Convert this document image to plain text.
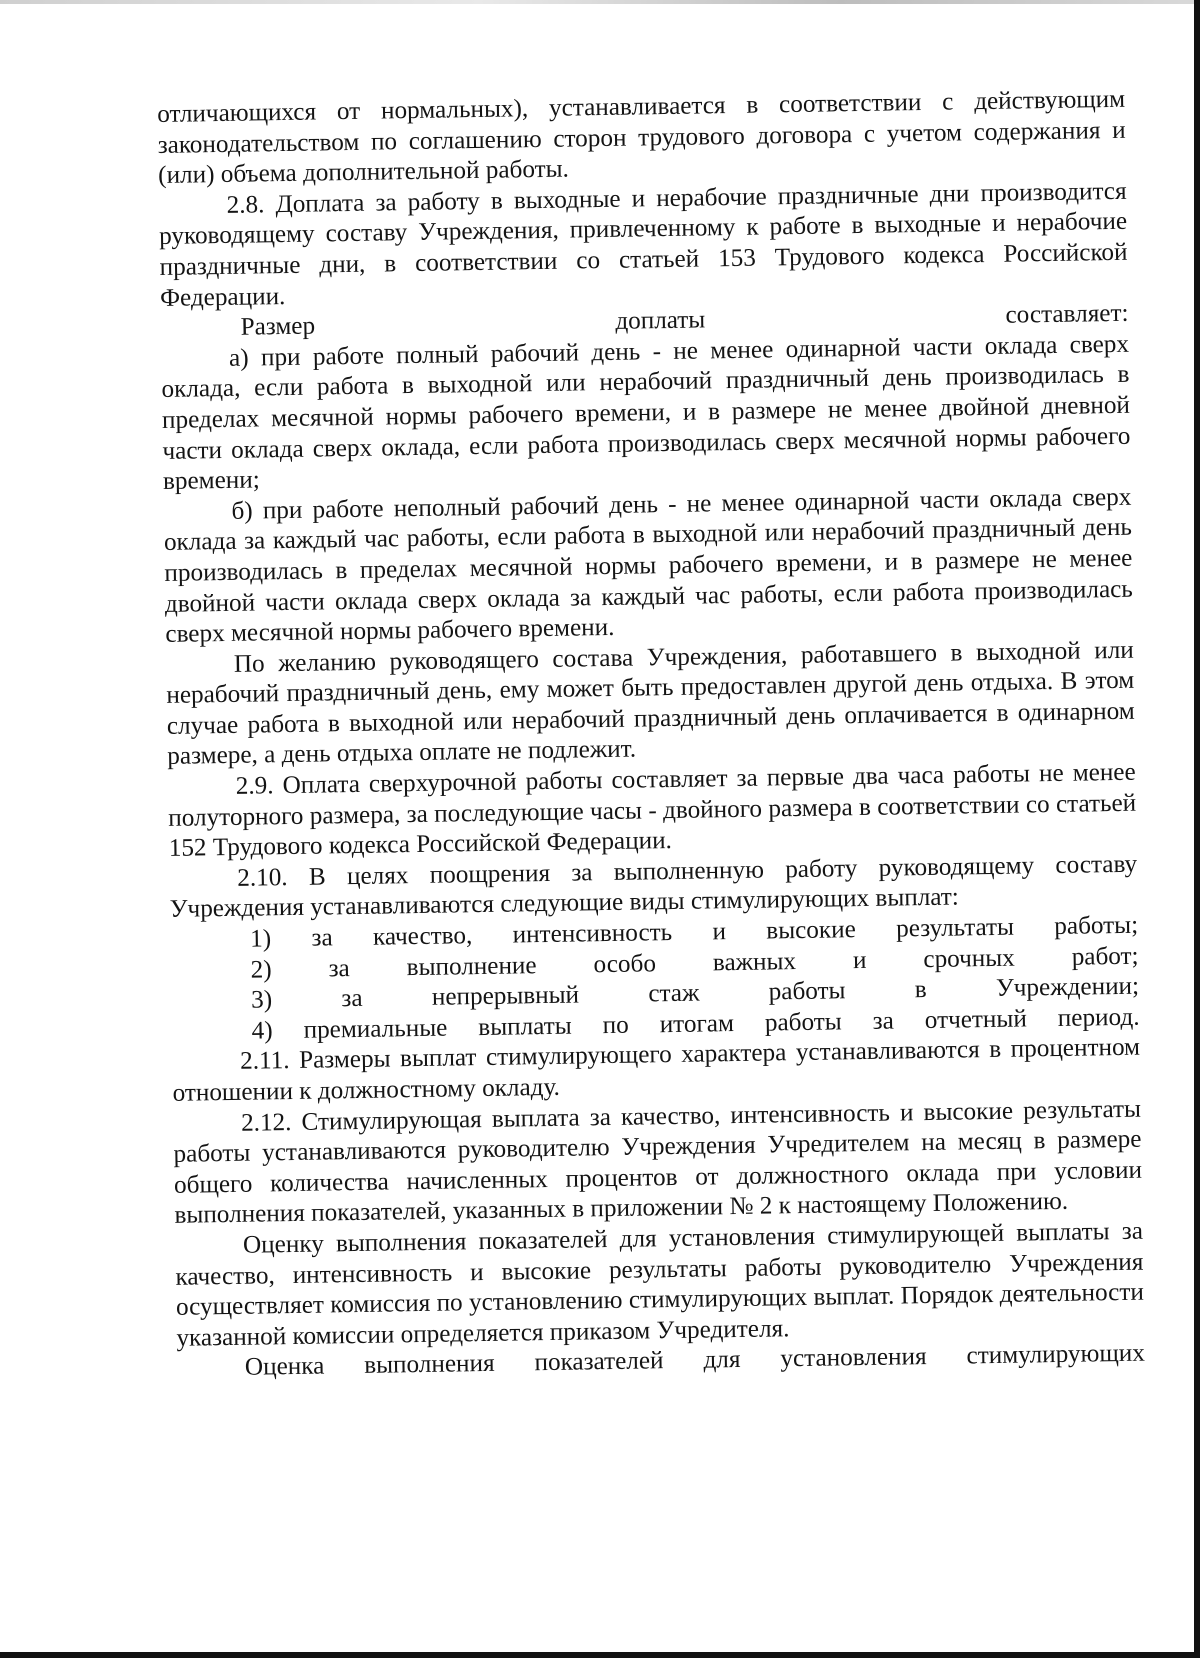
отличающихся от нормальных), устанавливается в соответствии с действующим законодательством по соглашению сторон трудового договора с учетом содержания и (или) объема дополнительной работы.

2.8. Доплата за работу в выходные и нерабочие праздничные дни производится руководящему составу Учреждения, привлеченному к работе в выходные и нерабочие праздничные дни, в соответствии со статьей 153 Трудового кодекса Российской Федерации.

Размер доплаты составляет:

а) при работе полный рабочий день - не менее одинарной части оклада сверх оклада, если работа в выходной или нерабочий праздничный день производилась в пределах месячной нормы рабочего времени, и в размере не менее двойной дневной части оклада сверх оклада, если работа производилась сверх месячной нормы рабочего времени;

б) при работе неполный рабочий день - не менее одинарной части оклада сверх оклада за каждый час работы, если работа в выходной или нерабочий праздничный день производилась в пределах месячной нормы рабочего времени, и в размере не менее двойной части оклада сверх оклада за каждый час работы, если работа производилась сверх месячной нормы рабочего времени.

По желанию руководящего состава Учреждения, работавшего в выходной или нерабочий праздничный день, ему может быть предоставлен другой день отдыха. В этом случае работа в выходной или нерабочий праздничный день оплачивается в одинарном размере, а день отдыха оплате не подлежит.

2.9. Оплата сверхурочной работы составляет за первые два часа работы не менее полуторного размера, за последующие часы - двойного размера в соответствии со статьей 152 Трудового кодекса Российской Федерации.

2.10. В целях поощрения за выполненную работу руководящему составу Учреждения устанавливаются следующие виды стимулирующих выплат:

1) за качество, интенсивность и высокие результаты работы;

2) за выполнение особо важных и срочных работ;

3) за непрерывный стаж работы в Учреждении;

4) премиальные выплаты по итогам работы за отчетный период.

2.11. Размеры выплат стимулирующего характера устанавливаются в процентном отношении к должностному окладу.

2.12. Стимулирующая выплата за качество, интенсивность и высокие результаты работы устанавливаются руководителю Учреждения Учредителем на месяц в размере общего количества начисленных процентов от должностного оклада при условии выполнения показателей, указанных в приложении № 2 к настоящему Положению.

Оценку выполнения показателей для установления стимулирующей выплаты за качество, интенсивность и высокие результаты работы руководителю Учреждения осуществляет комиссия по установлению стимулирующих выплат. Порядок деятельности указанной комиссии определяется приказом Учредителя.

Оценка выполнения показателей для установления стимулирующих
